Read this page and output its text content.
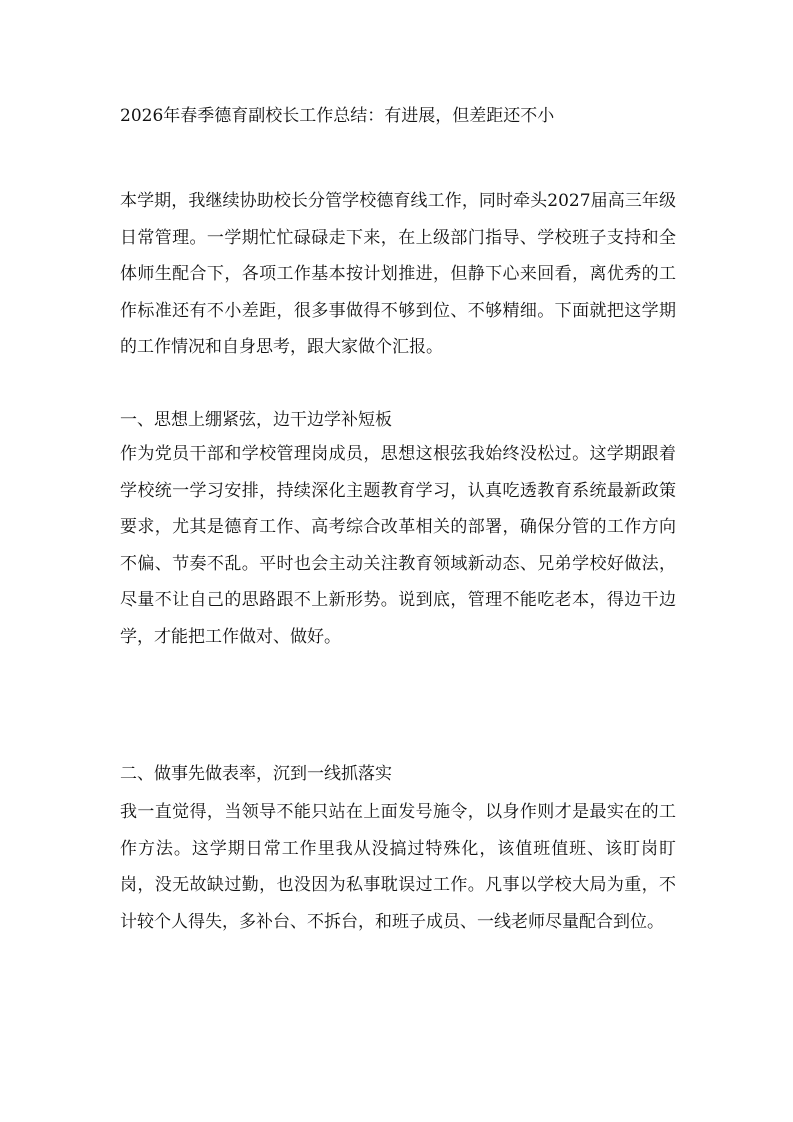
2026年春季德育副校长工作总结：有进展，但差距还不小

本学期，我继续协助校长分管学校德育线工作，同时牵头2027届高三年级日常管理。一学期忙忙碌碌走下来，在上级部门指导、学校班子支持和全体师生配合下，各项工作基本按计划推进，但静下心来回看，离优秀的工作标准还有不小差距，很多事做得不够到位、不够精细。下面就把这学期的工作情况和自身思考，跟大家做个汇报。

一、思想上绷紧弦，边干边学补短板

作为党员干部和学校管理岗成员，思想这根弦我始终没松过。这学期跟着学校统一学习安排，持续深化主题教育学习，认真吃透教育系统最新政策要求，尤其是德育工作、高考综合改革相关的部署，确保分管的工作方向不偏、节奏不乱。平时也会主动关注教育领域新动态、兄弟学校好做法，尽量不让自己的思路跟不上新形势。说到底，管理不能吃老本，得边干边学，才能把工作做对、做好。

二、做事先做表率，沉到一线抓落实

我一直觉得，当领导不能只站在上面发号施令，以身作则才是最实在的工作方法。这学期日常工作里我从没搞过特殊化，该值班值班、该盯岗盯岗，没无故缺过勤，也没因为私事耽误过工作。凡事以学校大局为重，不计较个人得失，多补台、不拆台，和班子成员、一线老师尽量配合到位。
